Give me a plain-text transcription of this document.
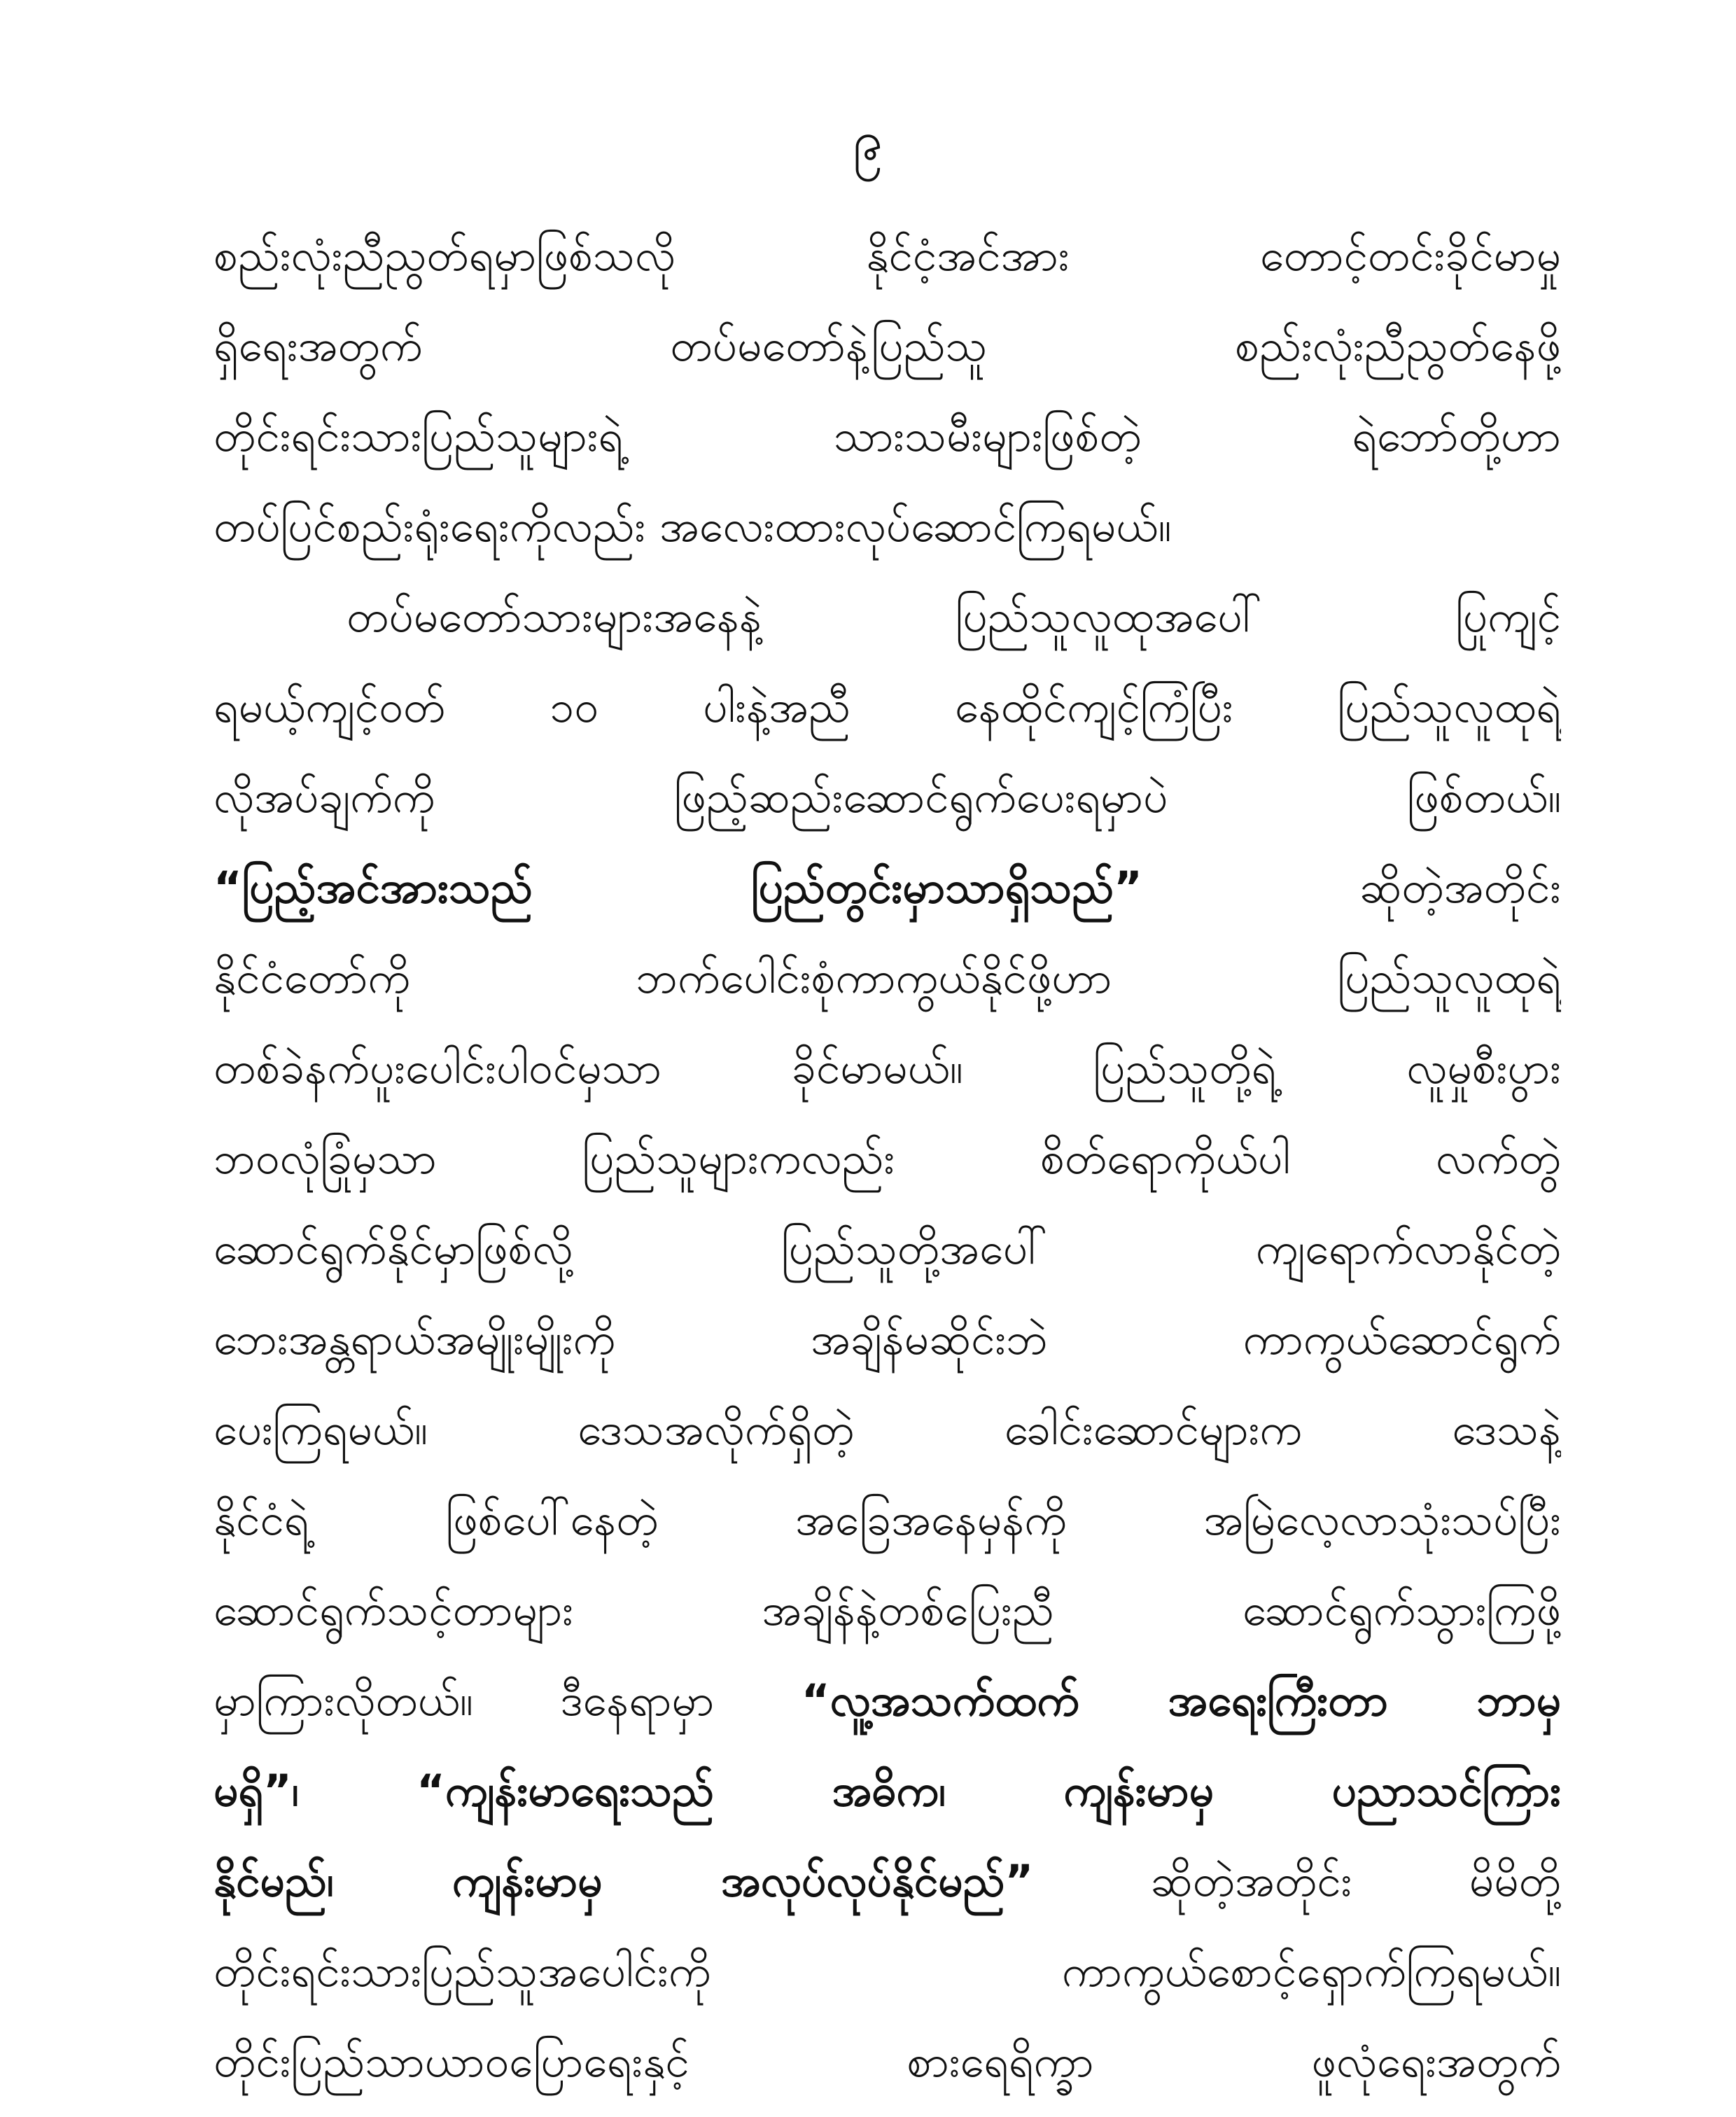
၉
စည်းလုံးညီညွတ်ရမှာဖြစ်သလို နိုင်ငံ့အင်အား တောင့်တင်းခိုင်မာမှု
ရှိရေးအတွက် တပ်မတော်နဲ့ပြည်သူ စည်းလုံးညီညွတ်နေဖို့
တိုင်းရင်းသားပြည်သူများရဲ့ သားသမီးများဖြစ်တဲ့ ရဲဘော်တို့ဟာ
တပ်ပြင်စည်းရုံးရေးကိုလည်း အလေးထားလုပ်ဆောင်ကြရမယ်။
တပ်မတော်သားများအနေနဲ့ ပြည်သူလူထုအပေါ် ပြုကျင့်
ရမယ့်ကျင့်ဝတ် ၁၀ ပါးနဲ့အညီ နေထိုင်ကျင့်ကြံပြီး ပြည်သူလူထုရဲ့
လိုအပ်ချက်ကို ဖြည့်ဆည်းဆောင်ရွက်ပေးရမှာပဲ ဖြစ်တယ်။
“ပြည့်အင်အားသည် ပြည်တွင်းမှာသာရှိသည်” ဆိုတဲ့အတိုင်း
နိုင်ငံတော်ကို ဘက်ပေါင်းစုံကာကွယ်နိုင်ဖို့ဟာ ပြည်သူလူထုရဲ့
တစ်ခဲနက်ပူးပေါင်းပါဝင်မှသာ ခိုင်မာမယ်။ ပြည်သူတို့ရဲ့ လူမှုစီးပွား
ဘဝလုံခြုံမှသာ ပြည်သူများကလည်း စိတ်ရောကိုယ်ပါ လက်တွဲ
ဆောင်ရွက်နိုင်မှာဖြစ်လို့ ပြည်သူတို့အပေါ် ကျရောက်လာနိုင်တဲ့
ဘေးအန္တရာယ်အမျိုးမျိုးကို အချိန်မဆိုင်းဘဲ ကာကွယ်ဆောင်ရွက်
ပေးကြရမယ်။ ဒေသအလိုက်ရှိတဲ့ ခေါင်းဆောင်များက ဒေသနဲ့
နိုင်ငံရဲ့ ဖြစ်ပေါ်နေတဲ့ အခြေအနေမှန်ကို အမြဲလေ့လာသုံးသပ်ပြီး
ဆောင်ရွက်သင့်တာများ အချိန်နဲ့တစ်ပြေးညီ ဆောင်ရွက်သွားကြဖို့
မှာကြားလိုတယ်။ ဒီနေရာမှာ “လူ့အသက်ထက် အရေးကြီးတာ ဘာမှ
မရှိ”၊ “ကျန်းမာရေးသည် အဓိက၊ ကျန်းမာမှ ပညာသင်ကြား
နိုင်မည်၊ ကျန်းမာမှ အလုပ်လုပ်နိုင်မည်” ဆိုတဲ့အတိုင်း မိမိတို့
တိုင်းရင်းသားပြည်သူအပေါင်းကို ကာကွယ်စောင့်ရှောက်ကြရမယ်။
တိုင်းပြည်သာယာဝပြောရေးနှင့် စားရေရိက္ခာ ဖူလုံရေးအတွက်
